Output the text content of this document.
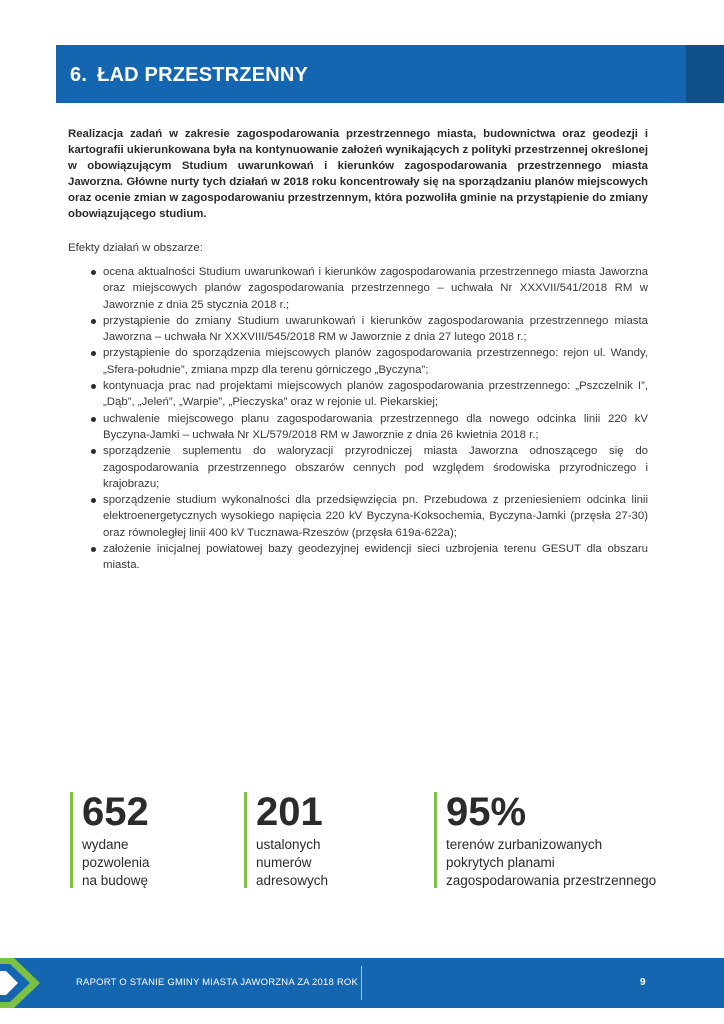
6. ŁAD PRZESTRZENNY
Realizacja zadań w zakresie zagospodarowania przestrzennego miasta, budownictwa oraz geodezji i kartografii ukierunkowana była na kontynuowanie założeń wynikających z polityki przestrzennej określonej w obowiązującym Studium uwarunkowań i kierunków zagospodarowania przestrzennego miasta Jaworzna. Główne nurty tych działań w 2018 roku koncentrowały się na sporządzaniu planów miejscowych oraz ocenie zmian w zagospodarowaniu przestrzennym, która pozwoliła gminie na przystąpienie do zmiany obowiązującego studium.
Efekty działań w obszarze:
ocena aktualności Studium uwarunkowań i kierunków zagospodarowania przestrzennego miasta Jaworzna oraz miejscowych planów zagospodarowania przestrzennego – uchwała Nr XXXVII/541/2018 RM w Jaworznie z dnia 25 stycznia 2018 r.;
przystąpienie do zmiany Studium uwarunkowań i kierunków zagospodarowania przestrzennego miasta Jaworzna – uchwała Nr XXXVIII/545/2018 RM w Jaworznie z dnia 27 lutego 2018 r.;
przystąpienie do sporządzenia miejscowych planów zagospodarowania przestrzennego: rejon ul. Wandy, „Sfera-południe”, zmiana mpzp dla terenu górniczego „Byczyna”;
kontynuacja prac nad projektami miejscowych planów zagospodarowania przestrzennego: „Pszczelnik I”, „Dąb”, „Jeleń”, „Warpie”, „Pieczyska” oraz w rejonie ul. Piekarskiej;
uchwalenie miejscowego planu zagospodarowania przestrzennego dla nowego odcinka linii 220 kV Byczyna-Jamki – uchwała Nr XL/579/2018 RM w Jaworznie z dnia 26 kwietnia 2018 r.;
sporządzenie suplementu do waloryzacji przyrodniczej miasta Jaworzna odnoszącego się do zagospodarowania przestrzennego obszarów cennych pod względem środowiska przyrodniczego i krajobrazu;
sporządzenie studium wykonalności dla przedsięwzięcia pn. Przebudowa z przeniesieniem odcinka linii elektroenergetycznych wysokiego napięcia 220 kV Byczyna-Koksochemia, Byczyna-Jamki (przęsła 27-30) oraz równoległej linii 400 kV Tucznawa-Rzeszów (przęsła 619a-622a);
założenie inicjalnej powiatowej bazy geodezyjnej ewidencji sieci uzbrojenia terenu GESUT dla obszaru miasta.
652
wydane
pozwolenia
na budowę
201
ustalonych
numerów
adresowych
95%
terenów zurbanizowanych
pokrytych planami
zagospodarowania przestrzennego
RAPORT O STANIE GMINY MIASTA JAWORZNA ZA 2018 ROK	9
